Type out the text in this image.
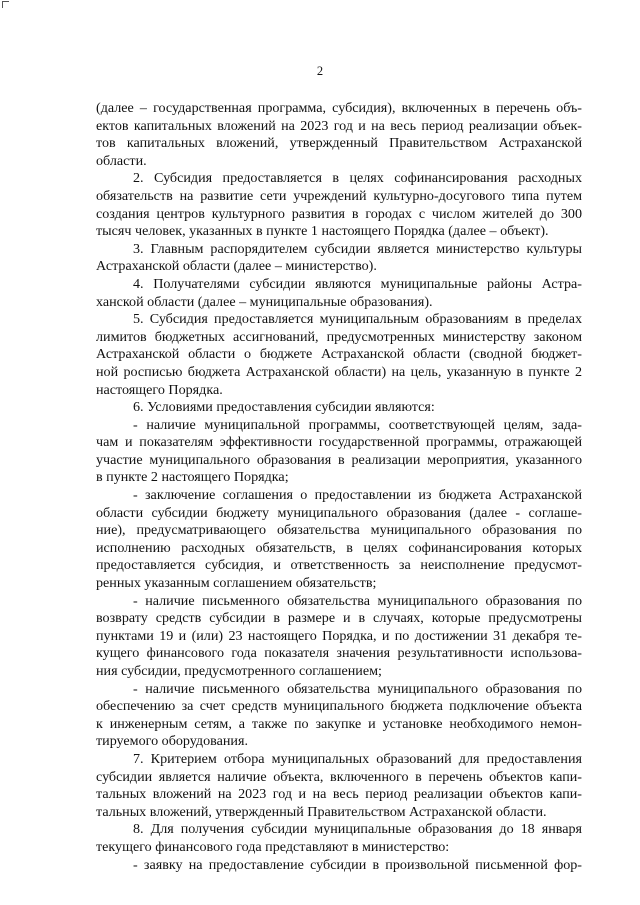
2
(далее – государственная программа, субсидия), включенных в перечень объ-
ектов капитальных вложений на 2023 год и на весь период реализации объек-
тов капитальных вложений, утвержденный Правительством Астраханской
области.
2. Субсидия предоставляется в целях софинансирования расходных
обязательств на развитие сети учреждений культурно-досугового типа путем
создания центров культурного развития в городах с числом жителей до 300
тысяч человек, указанных в пункте 1 настоящего Порядка (далее – объект).
3. Главным распорядителем субсидии является министерство культуры
Астраханской области (далее – министерство).
4. Получателями субсидии являются муниципальные районы Астра-
ханской области (далее – муниципальные образования).
5. Субсидия предоставляется муниципальным образованиям в пределах
лимитов бюджетных ассигнований, предусмотренных министерству законом
Астраханской области о бюджете Астраханской области (сводной бюджет-
ной росписью бюджета Астраханской области) на цель, указанную в пункте 2
настоящего Порядка.
6. Условиями предоставления субсидии являются:
- наличие муниципальной программы, соответствующей целям, зада-
чам и показателям эффективности государственной программы, отражающей
участие муниципального образования в реализации мероприятия, указанного
в пункте 2 настоящего Порядка;
- заключение соглашения о предоставлении из бюджета Астраханской
области субсидии бюджету муниципального образования (далее - соглаше-
ние), предусматривающего обязательства муниципального образования по
исполнению расходных обязательств, в целях софинансирования которых
предоставляется субсидия, и ответственность за неисполнение предусмот-
ренных указанным соглашением обязательств;
- наличие письменного обязательства муниципального образования по
возврату средств субсидии в размере и в случаях, которые предусмотрены
пунктами 19 и (или) 23 настоящего Порядка, и по достижении 31 декабря те-
кущего финансового года показателя значения результативности использова-
ния субсидии, предусмотренного соглашением;
- наличие письменного обязательства муниципального образования по
обеспечению за счет средств муниципального бюджета подключение объекта
к инженерным сетям, а также по закупке и установке необходимого немон-
тируемого оборудования.
7. Критерием отбора муниципальных образований для предоставления
субсидии является наличие объекта, включенного в перечень объектов капи-
тальных вложений на 2023 год и на весь период реализации объектов капи-
тальных вложений, утвержденный Правительством Астраханской области.
8. Для получения субсидии муниципальные образования до 18 января
текущего финансового года представляют в министерство:
- заявку на предоставление субсидии в произвольной письменной фор-
